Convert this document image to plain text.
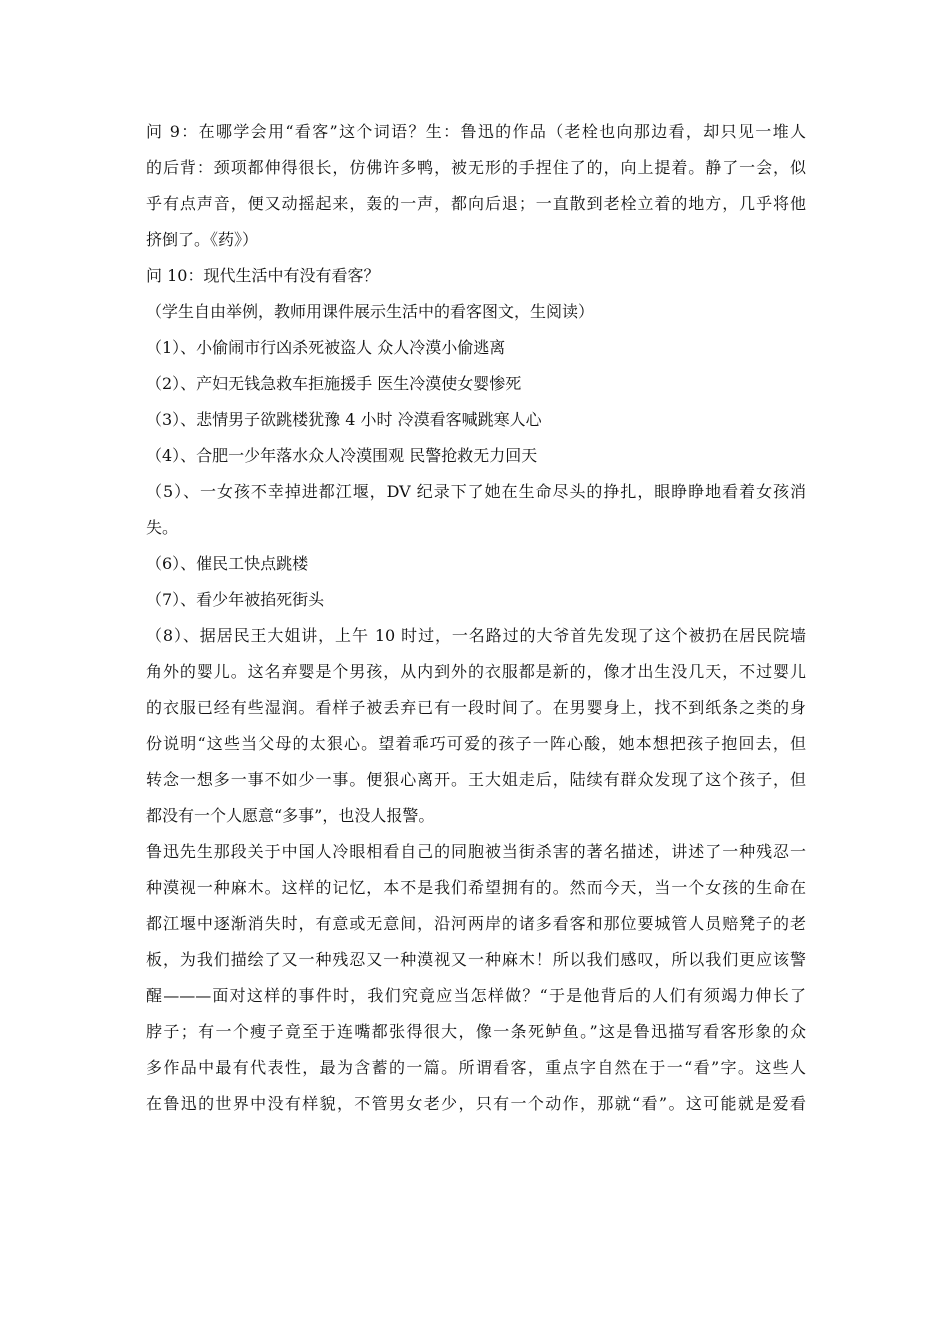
问 9：在哪学会用“看客”这个词语？生：鲁迅的作品（老栓也向那边看，却只见一堆人

的后背：颈项都伸得很长，仿佛许多鸭，被无形的手捏住了的，向上提着。静了一会，似

乎有点声音，便又动摇起来，轰的一声，都向后退；一直散到老栓立着的地方，几乎将他

挤倒了。《药》）

问 10：现代生活中有没有看客？

（学生自由举例，教师用课件展示生活中的看客图文，生阅读）

（1）、小偷闹市行凶杀死被盗人 众人冷漠小偷逃离

（2）、产妇无钱急救车拒施援手 医生冷漠使女婴惨死

（3）、悲情男子欲跳楼犹豫 4 小时 冷漠看客喊跳寒人心

（4）、合肥一少年落水众人冷漠围观 民警抢救无力回天

（5）、一女孩不幸掉进都江堰，DV 纪录下了她在生命尽头的挣扎，眼睁睁地看着女孩消

失。

（6）、催民工快点跳楼

（7）、看少年被掐死街头

（8）、据居民王大姐讲，上午 10 时过，一名路过的大爷首先发现了这个被扔在居民院墙

角外的婴儿。这名弃婴是个男孩，从内到外的衣服都是新的，像才出生没几天，不过婴儿

的衣服已经有些湿润。看样子被丢弃已有一段时间了。在男婴身上，找不到纸条之类的身

份说明“这些当父母的太狠心。望着乖巧可爱的孩子一阵心酸，她本想把孩子抱回去，但

转念一想多一事不如少一事。便狠心离开。王大姐走后，陆续有群众发现了这个孩子，但

都没有一个人愿意“多事”，也没人报警。

鲁迅先生那段关于中国人冷眼相看自己的同胞被当街杀害的著名描述，讲述了一种残忍一

种漠视一种麻木。这样的记忆，本不是我们希望拥有的。然而今天，当一个女孩的生命在

都江堰中逐渐消失时，有意或无意间，沿河两岸的诸多看客和那位要城管人员赔凳子的老

板，为我们描绘了又一种残忍又一种漠视又一种麻木！所以我们感叹，所以我们更应该警

醒———面对这样的事件时，我们究竟应当怎样做？“于是他背后的人们有须竭力伸长了

脖子；有一个瘦子竟至于连嘴都张得很大，像一条死鲈鱼。”这是鲁迅描写看客形象的众

多作品中最有代表性，最为含蓄的一篇。所谓看客，重点字自然在于一“看”字。这些人

在鲁迅的世界中没有样貌，不管男女老少，只有一个动作，那就“看”。这可能就是爱看
